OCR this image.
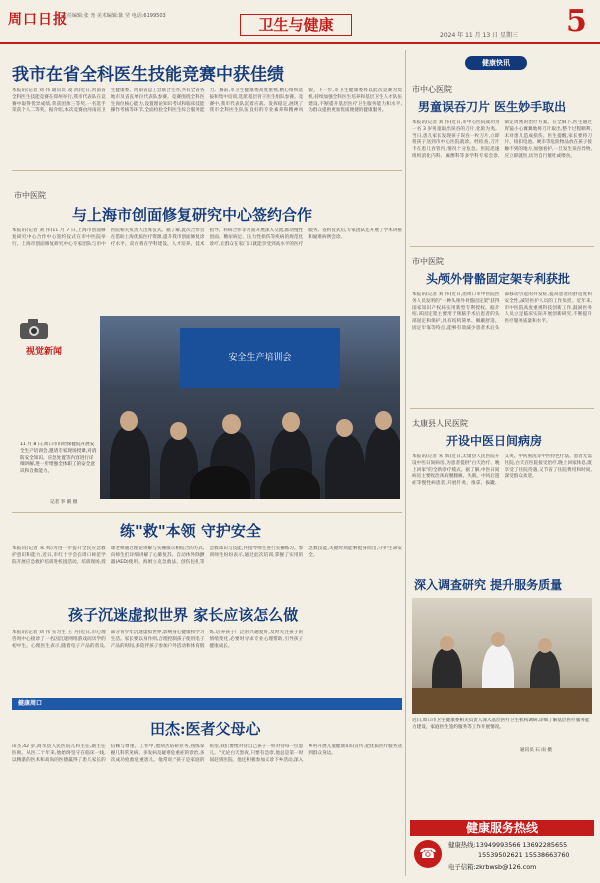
周口日报
责任编辑:张 尧 美术编辑:陈 莹 电话:6199503	卫生与健康	5
2024 年 11 月 13 日 星期三
我市在省全科医生技能竞赛中获佳绩
本报讯(记者 刘 伟 通讯员 凌 鸿)近日,河南省全科医生技能竞赛在郑州举行,我市代表队在竞赛中取得优异成绩,荣获团体三等奖,一名选手荣获个人二等奖。据介绍,本次竞赛由河南省卫生健康委、河南省总工会联合主办,共有全省各地市及省直单位代表队参赛。竞赛围绕全科医生岗位核心能力,设置理论知识考试和临床技能操作考核等环节,全面检验全科医生综合服务能力。赛前,市卫生健康委高度重视,精心组织选拔和集中培训,选派基层骨干医生组队参赛。竞赛中,我市代表队沉着应战、发挥稳定,展现了我市全科医生队伍良好的专业素养和精神风貌。下一步,市卫生健康委将以此次竞赛为契机,持续加强全科医生培养和基层卫生人才队伍建设,不断提升基层医疗卫生服务能力和水平,为群众提供更加优质便捷的健康服务。
健康快讯
市中医院
与上海市创面修复研究中心签约合作
本报讯(记者 刘 伟)11 月 7 日,上海市创面修复研究中心合作中心签约仪式在市中医院举行。上海市创面修复研究中心专家团队与市中医院相关负责人出席仪式。据了解,此次合作旨在借助上海优质医疗资源,提升我市创面修复诊疗水平。双方将在学科建设、人才培养、技术指导、科研合作等方面开展深入交流,推动慢性创面、糖尿病足、压力性损伤等疾病的规范化诊疗,让群众在家门口就能享受到高水平的医疗服务。签约仪式后,专家团队还开展了学术讲座和疑难病例会诊。
视觉新闻
11 月 8 日,周口市妇幼保健院开展安全生产培训会,邀请专家现场授课,对消防安全知识、应急处置等内容进行详细讲解,进一步增强全体职工的安全意识和自救能力。
记者 李 鹤 摄
安全生产培训会
练"救"本领 守护安全
本报讯(记者 朱 辉)为进一步提升全民应急救护意识和能力,近日,市红十字会在周口师范学院开展应急救护培训进校园活动。培训现场,授课老师通过理论讲解与实操演示相结合的方式,向师生们详细讲解了心肺复苏、自动体外除颤器(AED)使用、海姆立克急救法、创伤包扎等急救知识与技能,并指导师生进行实操练习。参训师生纷纷表示,通过此次培训,掌握了实用的急救技能,关键时刻能够挺身而出,守护生命安全。
孩子沉迷虚拟世界 家长应该怎么做
本报讯(记者 刘 伟 实习生 王 丹)近日,市心理咨询中心接诊了一名因沉迷网络游戏而厌学的初中生。心理医生表示,随着电子产品的普及,部分青少年沉迷虚拟世界,影响身心健康和学习生活。家长要以身作则,合理控制孩子使用电子产品的时间,多陪伴孩子参加户外活动和体育锻炼,培养孩子广泛的兴趣爱好,及时关注孩子的情绪变化,必要时寻求专业心理帮助,引导孩子健康成长。
健康周口
田杰:医者父母心
田杰,42 岁,商水县人民医院儿科主任,副主任医师。从医二十年来,他始终坚守在临床一线,以精湛的医术和高尚的医德赢得了患儿家长的信赖与尊重。工作中,他刻苦钻研业务,熟练掌握儿科常见病、多发病及疑难危重症的诊治,多次成功抢救危重患儿。他常说:"孩子是家庭的希望,我们要像对待自己孩子一样对待每一位患儿。"无论白天黑夜,只要有急诊,他总是第一时间赶到医院。他还积极参加义诊下乡活动,深入乡村开展儿童健康知识宣传,把优质医疗服务送到群众身边。
市中心医院
男童误吞刀片 医生妙手取出
本报讯(记者 刘 伟)近日,市中心医院成功为一名 3 岁男童取出误吞的刀片,化险为夷。当日,患儿家长发现孩子误吞一枚刀片,立即将孩子送到市中心医院就诊。经检查,刀片卡在患儿食管内,情况十分危急。医院迅速组织消化内科、麻醉科等多学科专家会诊,制定周密的治疗方案。在全麻下,医生通过胃镜小心翼翼地将刀片取出,整个过程顺利,未对患儿造成损伤。医生提醒,家长要将刀片、纽扣电池、硬币等危险物品放在孩子接触不到的地方,加强看护,一旦发生误吞异物,应立即就医,切勿自行催吐或喂食。
市中医院
头颅外骨骼固定架专利获批
本报讯(记者 刘 伟)近日,由周口市中医院医务人员发明的"一种头颅外骨骼固定架"获得国家知识产权局实用新型专利授权。据介绍,该固定架主要用于颅脑手术后患者的头部固定和保护,具有结构简单、佩戴舒适、固定牢靠等特点,能够有效减少患者术后头部移动引起的并发症,提高患者的舒适度和安全性,减轻医护人员的工作负担。近年来,市中医院高度重视科技创新工作,鼓励医务人员立足临床实际开展创新研究,不断提升医疗服务质量和水平。
太康县人民医院
开设中医日间病房
本报讯(记者 朱 辉)近日,太康县人民医院开设中医日间病房,为患者提供"白天治疗、晚上回家"的全新诊疗模式。据了解,中医日间病房主要收治颈肩腰腿痛、失眠、中风后遗症等慢性病患者,开展针灸、推拿、拔罐、艾灸、中药熏洗等中医特色疗法。患者无需住院,白天在医院接受治疗,晚上回家休息,既享受了住院待遇,又节省了住院费用和时间,深受群众欢迎。
深入调查研究 提升服务质量
近日,周口市卫生健康委相关负责人深入基层医疗卫生机构调研,详细了解基层医疗服务能力建设、家庭医生签约服务等工作开展情况。
通讯员 石 雨 摄
健康服务热线
☎
健康热线:13949993566 13692285655
15539502621 15538663760
电子信箱:zkrbwsb@126.com
